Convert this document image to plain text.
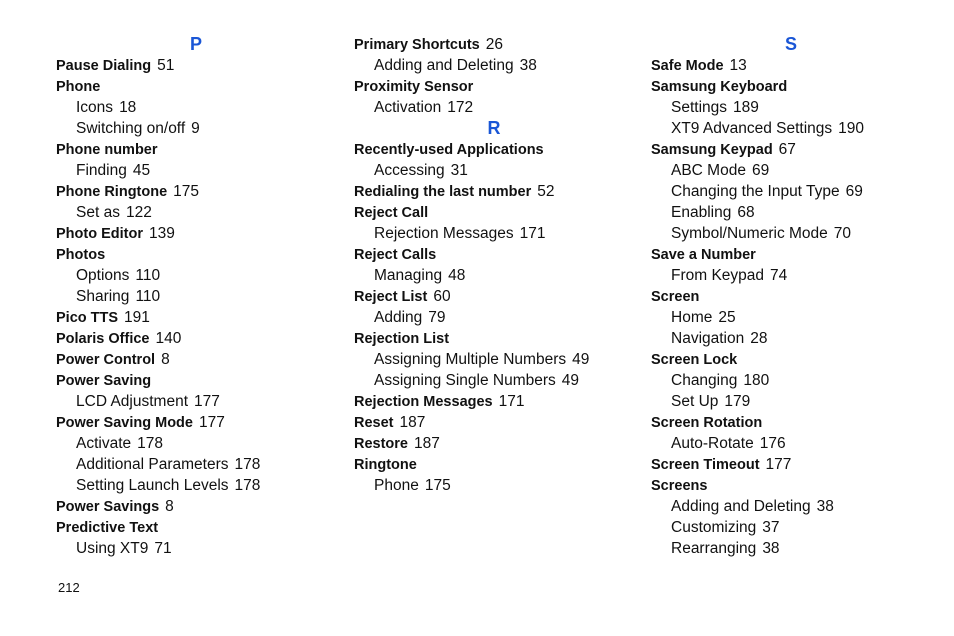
P
Pause Dialing 51
Phone
Icons 18
Switching on/off 9
Phone number
Finding 45
Phone Ringtone 175
Set as 122
Photo Editor 139
Photos
Options 110
Sharing 110
Pico TTS 191
Polaris Office 140
Power Control 8
Power Saving
LCD Adjustment 177
Power Saving Mode 177
Activate 178
Additional Parameters 178
Setting Launch Levels 178
Power Savings 8
Predictive Text
Using XT9 71
Primary Shortcuts 26
Adding and Deleting 38
Proximity Sensor
Activation 172
R
Recently-used Applications
Accessing 31
Redialing the last number 52
Reject Call
Rejection Messages 171
Reject Calls
Managing 48
Reject List 60
Adding 79
Rejection List
Assigning Multiple Numbers 49
Assigning Single Numbers 49
Rejection Messages 171
Reset 187
Restore 187
Ringtone
Phone 175
S
Safe Mode 13
Samsung Keyboard
Settings 189
XT9 Advanced Settings 190
Samsung Keypad 67
ABC Mode 69
Changing the Input Type 69
Enabling 68
Symbol/Numeric Mode 70
Save a Number
From Keypad 74
Screen
Home 25
Navigation 28
Screen Lock
Changing 180
Set Up 179
Screen Rotation
Auto-Rotate 176
Screen Timeout 177
Screens
Adding and Deleting 38
Customizing 37
Rearranging 38
212
